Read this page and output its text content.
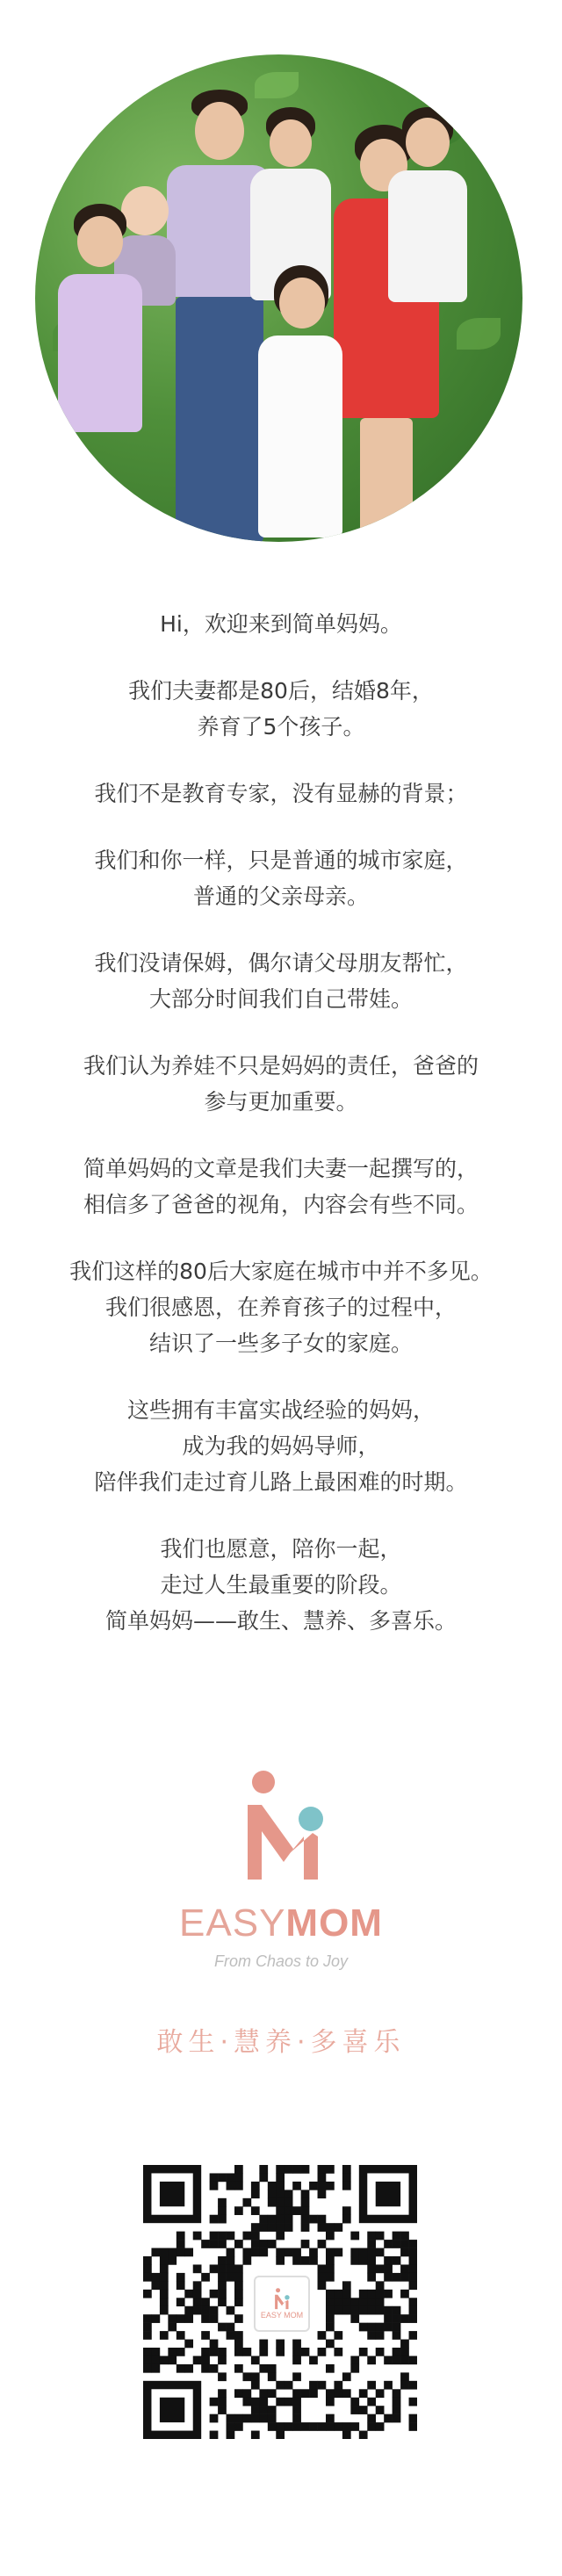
Hi，欢迎来到简单妈妈。
我们夫妻都是80后，结婚8年，
养育了5个孩子。
我们不是教育专家，没有显赫的背景；
我们和你一样，只是普通的城市家庭，
普通的父亲母亲。
我们没请保姆，偶尔请父母朋友帮忙，
大部分时间我们自己带娃。
我们认为养娃不只是妈妈的责任，爸爸的
参与更加重要。
简单妈妈的文章是我们夫妻一起撰写的，
相信多了爸爸的视角，内容会有些不同。
我们这样的80后大家庭在城市中并不多见。
我们很感恩，在养育孩子的过程中，
结识了一些多子女的家庭。
这些拥有丰富实战经验的妈妈，
成为我的妈妈导师，
陪伴我们走过育儿路上最困难的时期。
我们也愿意，陪你一起，
走过人生最重要的阶段。
简单妈妈——敢生、慧养、多喜乐。
EASYMOM
From Chaos to Joy
敢生·慧养·多喜乐
EASY MOM
